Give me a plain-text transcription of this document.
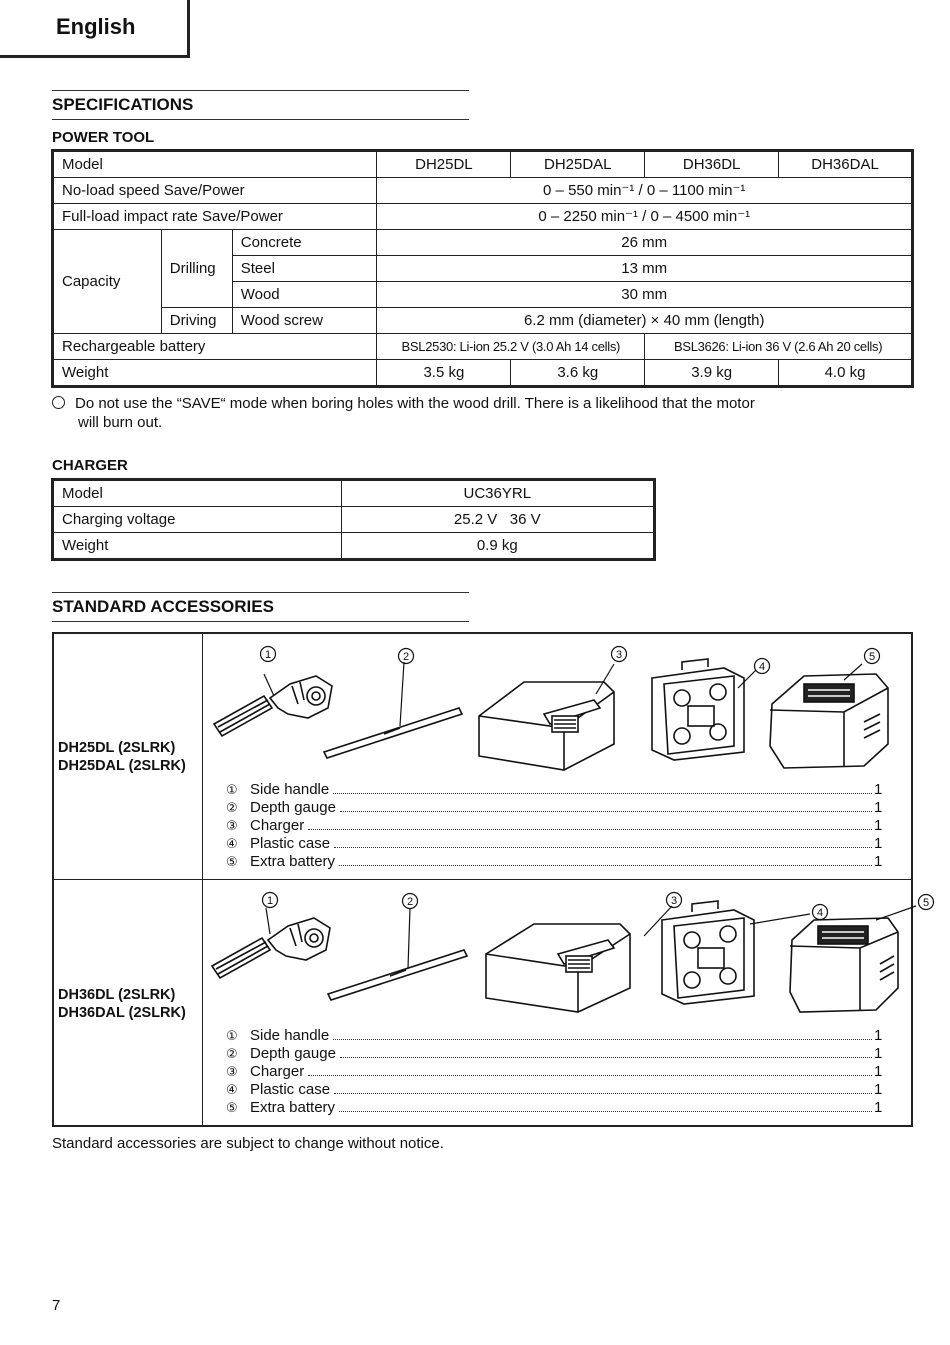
English
SPECIFICATIONS
POWER TOOL
Model			DH25DL	DH25DAL	DH36DL	DH36DAL
No-load speed Save/Power			0 – 550 min⁻¹ / 0 – 1100 min⁻¹			
Full-load impact rate Save/Power			0 – 2250 min⁻¹ / 0 – 4500 min⁻¹			
Capacity	Drilling	Concrete	26 mm			
		Steel	13 mm			
		Wood	30 mm			
	Driving	Wood screw	6.2 mm (diameter) × 40 mm (length)			
Rechargeable battery			BSL2530: Li-ion 25.2 V (3.0 Ah 14 cells)		BSL3626: Li-ion 36 V (2.6 Ah 20 cells)	
Weight			3.5 kg	3.6 kg	3.9 kg	4.0 kg
Do not use the “SAVE“ mode when boring holes with the wood drill. There is a likelihood that the motor
will burn out.
CHARGER
Model	UC36YRL
Charging voltage	25.2 V   36 V
Weight	0.9 kg
STANDARD ACCESSORIES
DH25DL (2SLRK)
DH25DAL (2SLRK)
1	2	3
4
5
① Side handle	1
② Depth gauge	1
③ Charger	1
④ Plastic case	1
⑤ Extra battery	1
DH36DL (2SLRK)
DH36DAL (2SLRK)
1	2	3
4
5
① Side handle	1
② Depth gauge	1
③ Charger	1
④ Plastic case	1
⑤ Extra battery	1
Standard accessories are subject to change without notice.
7
